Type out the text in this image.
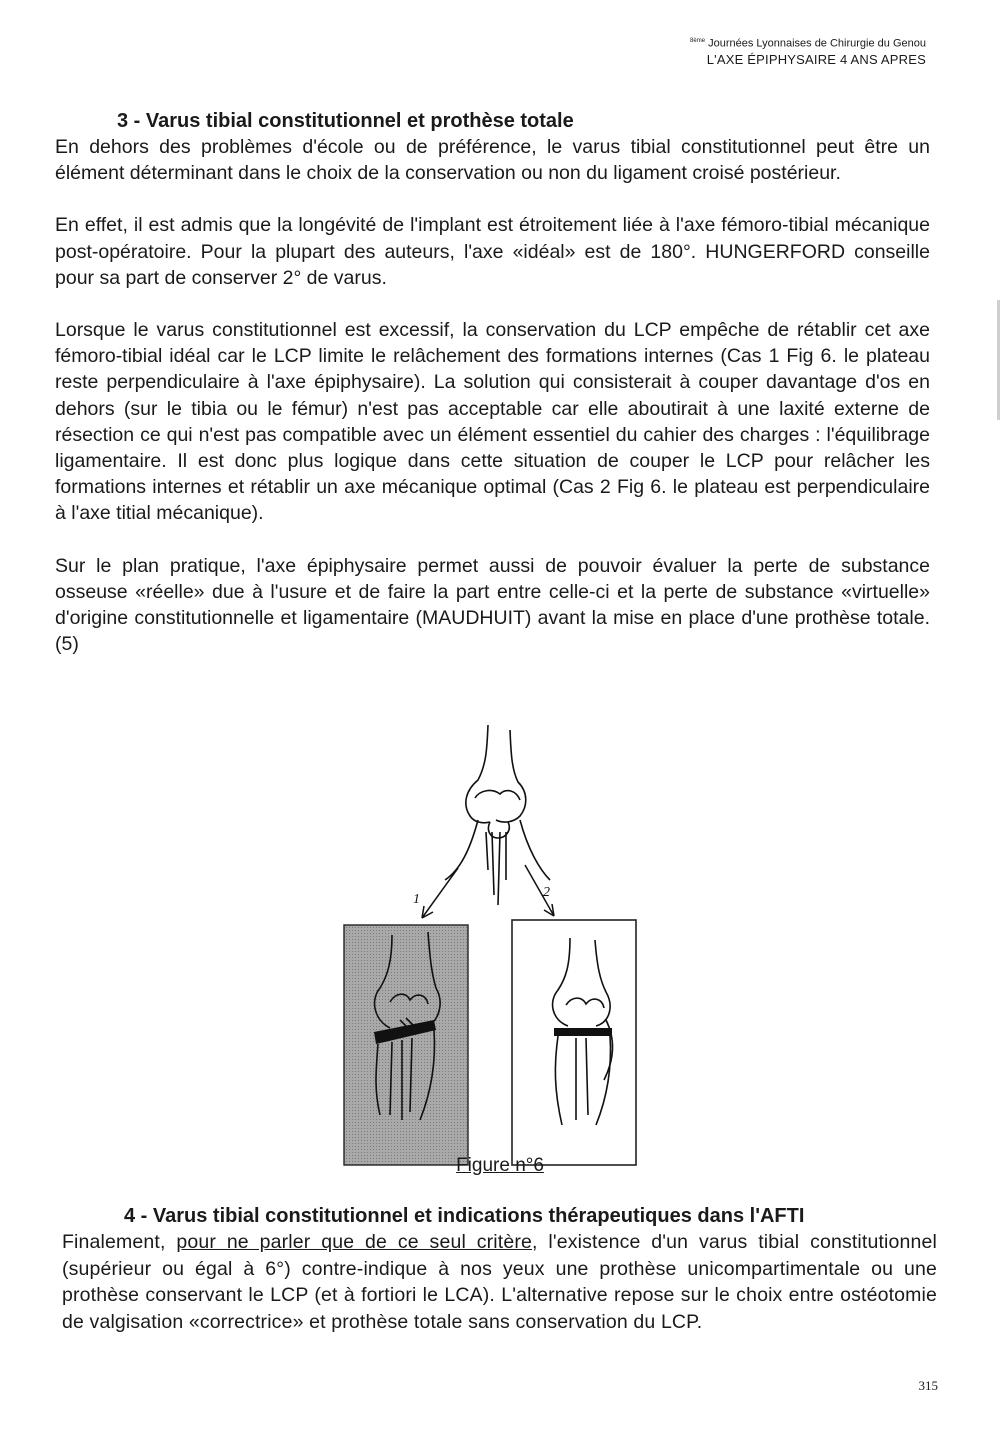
$^{8ème}$ Journées Lyonnaises de Chirurgie du Genou
L'AXE ÉPIPHYSAIRE 4 ANS APRES
3 - Varus tibial constitutionnel et prothèse totale

En dehors des problèmes d'école ou de préférence, le varus tibial constitutionnel peut être un élément déterminant dans le choix de la conservation ou non du ligament croisé postérieur.

En effet, il est admis que la longévité de l'implant est étroitement liée à l'axe fémoro-tibial mécanique post-opératoire. Pour la plupart des auteurs, l'axe «idéal» est de 180°. HUNGERFORD conseille pour sa part de conserver 2° de varus.

Lorsque le varus constitutionnel est excessif, la conservation du LCP empêche de rétablir cet axe fémoro-tibial idéal car le LCP limite le relâchement des formations internes (Cas 1 Fig 6. le plateau reste perpendiculaire à l'axe épiphysaire). La solution qui consisterait à couper davantage d'os en dehors (sur le tibia ou le fémur) n'est pas acceptable car elle aboutirait à une laxité externe de résection ce qui n'est pas compatible avec un élément essentiel du cahier des charges : l'équilibrage ligamentaire. Il est donc plus logique dans cette situation de couper le LCP pour relâcher les formations internes et rétablir un axe mécanique optimal (Cas 2 Fig 6. le plateau est perpendiculaire à l'axe titial mécanique).

Sur le plan pratique, l'axe épiphysaire permet aussi de pouvoir évaluer la perte de substance osseuse «réelle» due à l'usure et de faire la part entre celle-ci et la perte de substance «virtuelle» d'origine constitutionnelle et ligamentaire (MAUDHUIT) avant la mise en place d'une prothèse totale. (5)

1	2
Figure n°6
4 - Varus tibial constitutionnel et indications thérapeutiques dans l'AFTI

Finalement, pour ne parler que de ce seul critère, l'existence d'un varus tibial constitutionnel (supérieur ou égal à 6°) contre-indique à nos yeux une prothèse unicompartimentale ou une prothèse conservant le LCP (et à fortiori le LCA). L'alternative repose sur le choix entre ostéotomie de valgisation «correctrice» et prothèse totale sans conservation du LCP.

315
